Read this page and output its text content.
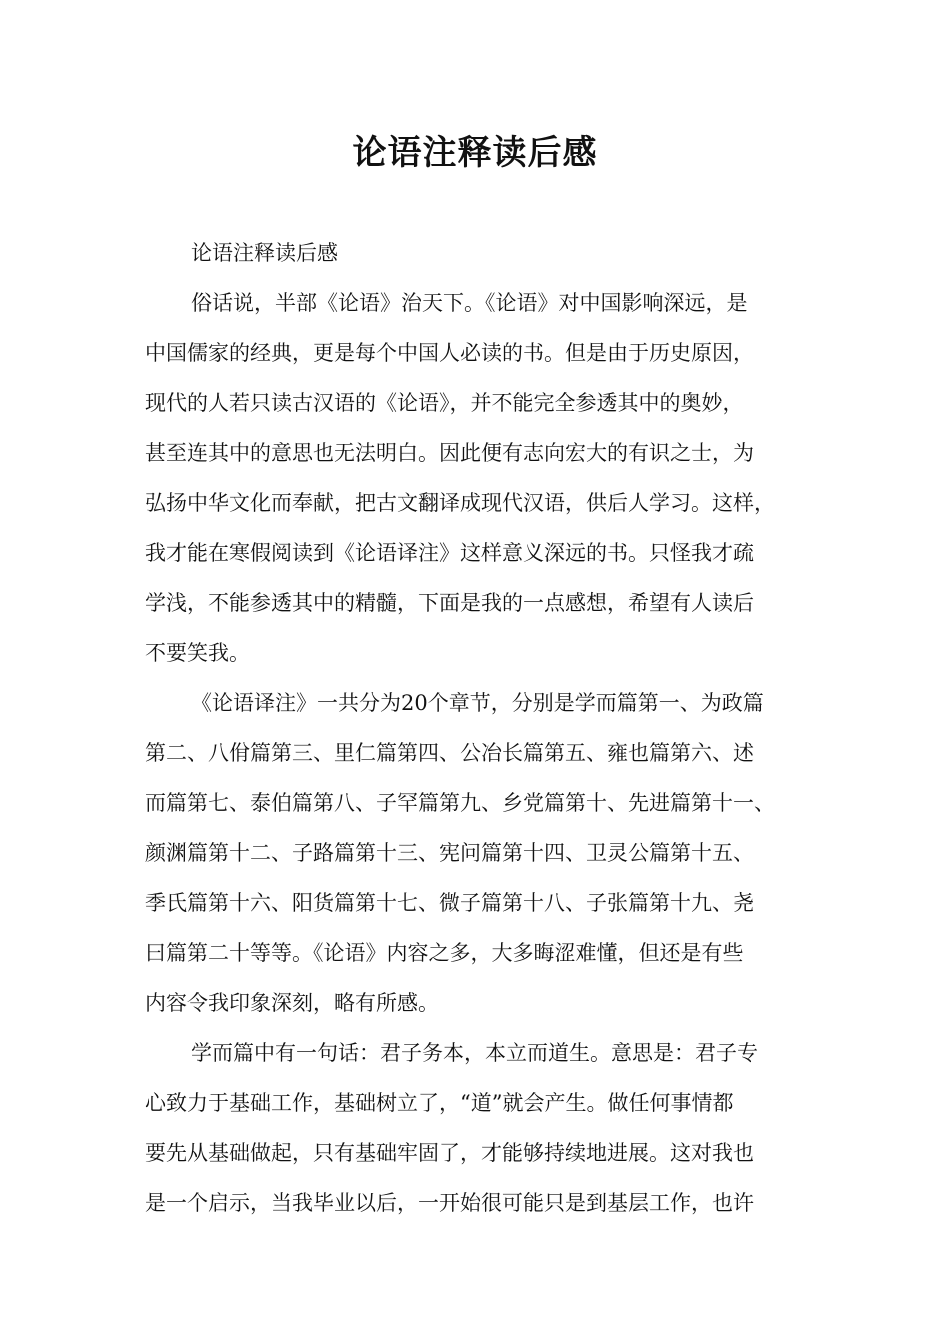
论语注释读后感

论语注释读后感

俗话说，半部《论语》治天下。《论语》对中国影响深远，是
中国儒家的经典，更是每个中国人必读的书。但是由于历史原因，
现代的人若只读古汉语的《论语》，并不能完全参透其中的奥妙，
甚至连其中的意思也无法明白。因此便有志向宏大的有识之士，为
弘扬中华文化而奉献，把古文翻译成现代汉语，供后人学习。这样，
我才能在寒假阅读到《论语译注》这样意义深远的书。只怪我才疏
学浅，不能参透其中的精髓，下面是我的一点感想，希望有人读后
不要笑我。

《论语译注》一共分为20个章节，分别是学而篇第一、为政篇
第二、八佾篇第三、里仁篇第四、公冶长篇第五、雍也篇第六、述
而篇第七、泰伯篇第八、子罕篇第九、乡党篇第十、先进篇第十一、
颜渊篇第十二、子路篇第十三、宪问篇第十四、卫灵公篇第十五、
季氏篇第十六、阳货篇第十七、微子篇第十八、子张篇第十九、尧
曰篇第二十等等。《论语》内容之多，大多晦涩难懂，但还是有些
内容令我印象深刻，略有所感。

学而篇中有一句话：君子务本，本立而道生。意思是：君子专
心致力于基础工作，基础树立了，“道”就会产生。做任何事情都
要先从基础做起，只有基础牢固了，才能够持续地进展。这对我也
是一个启示，当我毕业以后，一开始很可能只是到基层工作，也许
